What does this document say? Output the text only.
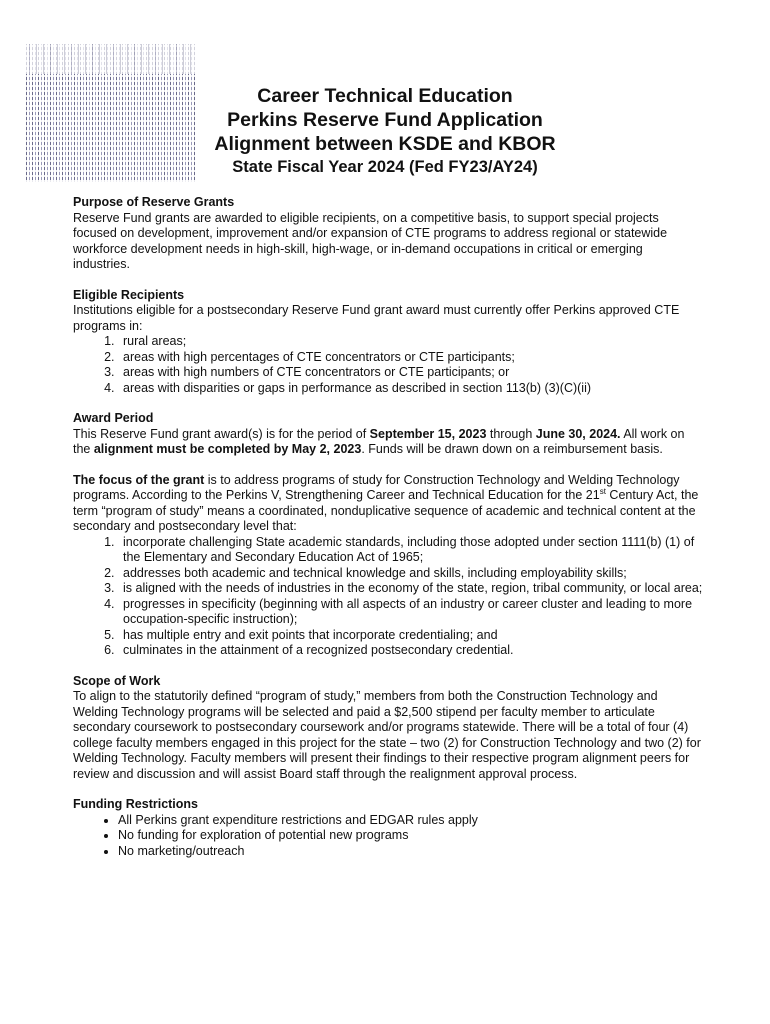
Career Technical Education
Perkins Reserve Fund Application
Alignment between KSDE and KBOR
State Fiscal Year 2024 (Fed FY23/AY24)

Purpose of Reserve Grants

Reserve Fund grants are awarded to eligible recipients, on a competitive basis, to support special projects focused on development, improvement and/or expansion of CTE programs to address regional or statewide workforce development needs in high-skill, high-wage, or in-demand occupations in critical or emerging industries.

Eligible Recipients

Institutions eligible for a postsecondary Reserve Fund grant award must currently offer Perkins approved CTE programs in:

1. rural areas;
2. areas with high percentages of CTE concentrators or CTE participants;
3. areas with high numbers of CTE concentrators or CTE participants; or
4. areas with disparities or gaps in performance as described in section 113(b) (3)(C)(ii)

Award Period

This Reserve Fund grant award(s) is for the period of September 15, 2023 through June 30, 2024. All work on the alignment must be completed by May 2, 2023. Funds will be drawn down on a reimbursement basis.

The focus of the grant is to address programs of study for Construction Technology and Welding Technology programs. According to the Perkins V, Strengthening Career and Technical Education for the 21st Century Act, the term “program of study” means a coordinated, nonduplicative sequence of academic and technical content at the secondary and postsecondary level that:

1. incorporate challenging State academic standards, including those adopted under section 1111(b) (1) of the Elementary and Secondary Education Act of 1965;
2. addresses both academic and technical knowledge and skills, including employability skills;
3. is aligned with the needs of industries in the economy of the state, region, tribal community, or local area;
4. progresses in specificity (beginning with all aspects of an industry or career cluster and leading to more occupation-specific instruction);
5. has multiple entry and exit points that incorporate credentialing; and
6. culminates in the attainment of a recognized postsecondary credential.

Scope of Work

To align to the statutorily defined “program of study,” members from both the Construction Technology and Welding Technology programs will be selected and paid a $2,500 stipend per faculty member to articulate secondary coursework to postsecondary coursework and/or programs statewide. There will be a total of four (4) college faculty members engaged in this project for the state – two (2) for Construction Technology and two (2) for Welding Technology. Faculty members will present their findings to their respective program alignment peers for review and discussion and will assist Board staff through the realignment approval process.

Funding Restrictions

• All Perkins grant expenditure restrictions and EDGAR rules apply
• No funding for exploration of potential new programs
• No marketing/outreach
